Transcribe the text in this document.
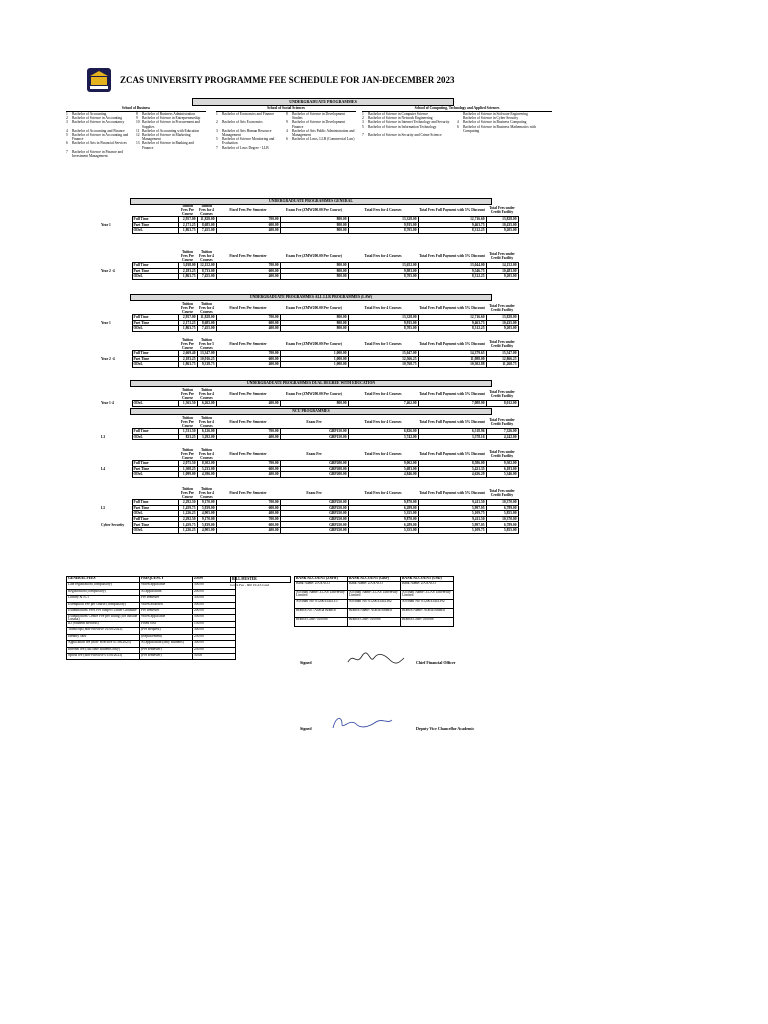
ZCAS UNIVERSITY PROGRAMME FEE SCHEDULE FOR JAN-DECEMBER 2023
UNDERGRADUATE PROGRAMMES
School of Business
1	Bachelor of Accounting	8	Bachelor of Business Administration
2	Bachelor of Science in Accounting	9	Bachelor of Science in Entrepreneurship
3	Bachelor of Science in Accountancy	10 Bachelor of Science in Procurement and Supplies
4	Bachelor of Accounting and Finance	11 Bachelor of Accounting with Education
5	Bachelor of Science in Accounting and Finance
12 Bachelor of Science in Marketing Management
6	Bachelor of Arts in Financial Services	13 Bachelor of Science in Banking and Finance
7	Bachelor of Science in Finance and Investment Management
School of Social Sciences
1	Bachelor of Economics and Finance	8	Bachelor of Science in Development Studies
2	Bachelor of Arts Economics	9	Bachelor of Science in Development Finance
3	Bachelor of Arts Human Resource Management
4	Bachelor of Arts Public Administration and Management
5	Bachelor of Science Monitoring and Evaluation
6	Bachelor of Laws, LLB (Commercial Law)
7	Bachelor of Laws Degree - LLB
School of Computing, Technology and Applied Sciences
1	Bachelor of Science in Computer Science	Bachelor of Science in Software Engineering
2	Bachelor of Science in Network Engineering	Bachelor of Science in Cyber Security
3	Bachelor of Science in Internet Technology and Security	4	Bachelor of Science in Business Computing
5	Bachelor of Science in Information Technology	6	Bachelor of Science in Business Mathematics with Computing
7	Bachelor of Science in Security and Crime Science
UNDERGRADUATE PROGRAMMES GENERAL
		Tuition Fees Per Course	Tuition Fees for 4 Courses	Fixed Fees Per Semester	Exam Fee (ZMW200.00 Per Course)	Total Fees for 4 Courses	Total Fees Full Payment with 5% Discount	Total Fees under Credit Facility
	Full Time	2,957.00	11,828.00	700.00	800.00	13,328.00	12,716.60	13,828.00
Year 1	Part Time	2,171.25	8,685.00	600.00	800.00	9,935.00	9,463.75	10,435.00
	ODeL	1,863.75	7,455.00	400.00	800.00	8,705.00	8,312.25	9,205.00
		Tuition Fees Per Course	Tuition Fees for 4 Courses	Fixed Fees Per Semester	Exam Fee (ZMW200.00 Per Course)	Total Fees for 4 Courses	Total Fees Full Payment with 5% Discount	Total Fees under Credit Facility
	Full Time	3,038.00	12,152.00	700.00	800.00	13,652.00	13,044.00	14,152.00
Year 2 -4	Part Time	2,183.25	8,733.00	600.00	800.00	9,983.00	9,546.75	10,483.00
	ODeL	1,863.75	7,455.00	400.00	800.00	8,705.00	8,312.25	9,205.00
UNDERGRADUATE PROGRAMMES ALL LLB PROGRAMMES (LAW)
		Tuition Fees Per Course	Tuition Fees for 4 Courses	Fixed Fees Per Semester	Exam Fee (ZMW200.00 Per Course)	Total Fees for 4 Courses	Total Fees Full Payment with 5% Discount	Total Fees under Credit Facility
	Full Time	2,957.00	11,828.00	700.00	800.00	13,328.00	12,716.60	13,828.00
Year 1	Part Time	2,171.25	8,685.00	600.00	800.00	9,935.00	9,463.75	10,435.00
	ODeL	1,863.75	7,455.00	400.00	800.00	8,705.00	8,312.25	9,205.00
		Tuition Fees Per Course	Tuition Fees for 5 Courses	Fixed Fees Per Semester	Exam Fee (ZMW200.00 Per Course)	Total Fees for 5 Courses	Total Fees Full Payment with 5% Discount	Total Fees under Credit Facility
	Full Time	2,669.40	13,347.00	700.00	1,000.00	15,047.00	14,379.65	15,547.00
Year 2 -4	Part Time	2,183.25	10,916.25	600.00	1,000.00	12,566.25	11,988.00	12,866.25
	ODeL	1,863.75	9,318.75	400.00	1,000.00	10,768.75	10,302.88	11,268.75
UNDERGRADUATE PROGRAMMES DUAL DEGREE WITH EDUCATION
		Tuition Fees Per Course	Tuition Fees for 4 Courses	Fixed Fees Per Semester	Exam Fee (ZMW200.00 Per Course)	Total Fees for 4 Courses	Total Fees Full Payment with 5% Discount	Total Fees under Credit Facility
Year 1-4	ODeL	1,565.50	6,262.00	400.00	800.00	7,462.00	7,088.90	8,012.00
NCU PROGRAMMES
		Tuition Fees Per Course	Tuition Fees for 4 Courses	Fixed Fees Per Semester	Exam Fee	Total Fees for 4 Courses	Total Fees Full Payment with 5% Discount	Total Fees under Credit Facility
	Full Time	1,531.50	6,126.00	700.00	GBP150.00	6,826.00	6,518.96	7,326.00
L3	ODeL	823.25	3,292.00	400.00	GBP150.00	3,742.00	3,578.16	4,242.00
		Tuition Fees Per Course	Tuition Fees for 4 Courses	Fixed Fees Per Semester	Exam Fee	Total Fees for 4 Courses	Total Fees Full Payment with 5% Discount	Total Fees under Credit Facility
	Full Time	2,075.50	8,302.00	700.00	GBP200.00	9,002.00	8,586.00	9,502.00
L4	Part Time	1,308.25	5,233.00	600.00	GBP200.00	5,683.00	5,421.35	6,183.00
	ODeL	1,099.00	4,396.00	400.00	GBP200.00	4,846.00	4,626.20	5,346.00
		Tuition Fees Per Course	Tuition Fees for 4 Courses	Fixed Fees Per Semester	Exam Fee	Total Fees for 4 Courses	Total Fees Full Payment with 5% Discount	Total Fees under Credit Facility
	Full Time	2,292.50	9,170.00	700.00	GBP250.00	9,870.00	9,411.50	10,370.00
L5	Part Time	1,459.75	5,839.00	600.00	GBP250.00	6,289.00	5,997.05	6,789.00
	ODeL	1,226.25	4,905.00	400.00	GBP250.00	5,355.00	5,109.75	5,855.00
	Full Time	2,292.50	9,170.00	700.00	GBP250.00	9,870.00	9,411.50	10,370.00
Cyber Security	Part Time	1,459.75	5,839.00	600.00	GBP250.00	6,289.00	5,997.05	6,789.00
	ODeL	1,226.25	4,905.00	400.00	GBP250.00	5,355.00	5,109.75	5,855.00
GENERAL FEES	FREQUENCY	ZMW
Late registration (compulsory)	When applicable	500.00
Registration (compulsory)	At application	200.00
Library & ICT	Per semester	350.00
Exemption Fee per course (compulsory)	When awarded	500.00
Examinations Fees Per Subject Under Graduate	Per semester	200.00
Examinations Centre Fee per sitting (for outside Lusaka)	When applicable	500.00
ID (Student Records)	Fixed cost	150.00
Transcript (non-effective 01/08/2023)	(Per Request)	300.00
Identity card	(Replacement)	250.00
Application fee (non- effective 01/08/2023)	At application (only students)	300.00
Internet fee (full time students only)	(Per semester)	250.00
Sports fee (non-effective 01/08/2023)	(Per semester)	50.00
BILL MUSTER
Gown Fee - 600 ZCAS Grad
BANK ACCOUNT (ZMW)	BANK ACCOUNT (GBP)	BANK ACCOUNT (USD)
Bank Name: ZANACO	Bank Name: ZANACO	Bank Name: ZANACO
Account Name: ZCAS University Limited	Account Name: ZCAS University Limited	Account Name: ZCAS University Limited
Account No: 0120033441317	Account No: 0120033441362	Account No: 0120033441392
Branch No.: Acacia Branch	Branch Name: Acacia Branch	Branch Name: Acacia Branch
Branch Code: 010088	Branch Code: 010088	Branch Code: 010088
Signed	Chief Financial Officer
Signed	Deputy Vice Chancellor Academic
